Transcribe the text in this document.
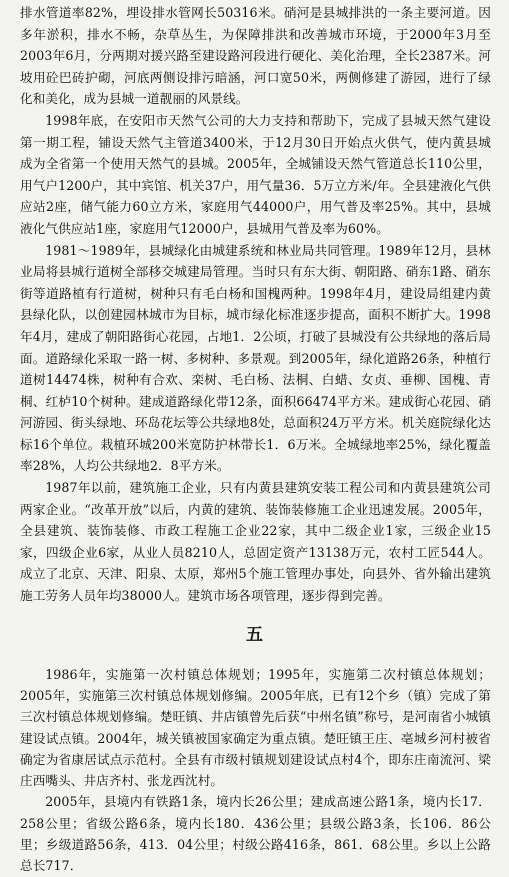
排水管道率82%，埋设排水管网长50316米。硝河是县城排洪的一条主要河道。因多年淤积，排水不畅，杂草丛生，为保障排洪和改善城市环境，于2000年3月至2003年6月，分两期对援兴路至建设路河段进行硬化、美化治理，全长2387米。河坡用砼巴砖护砌，河底两侧设排污暗涵，河口宽50米，两侧修建了游园，进行了绿化和美化，成为县城一道靓丽的风景线。

1998年底，在安阳市天然气公司的大力支持和帮助下，完成了县城天然气建设第一期工程，铺设天然气主管道3400米，于12月30日开始点火供气，使内黄县城成为全省第一个使用天然气的县城。2005年，全城铺设天然气管道总长110公里，用气户1200户，其中宾馆、机关37户，用气量36．5万立方米/年。全县建液化气供应站2座，储气能力60立方米，家庭用气44000户，用气普及率25%。其中，县城液化气供应站1座，家庭用气12000户，县城用气普及率为60%。

1981～1989年，县城绿化由城建系统和林业局共同管理。1989年12月，县林业局将县城行道树全部移交城建局管理。当时只有东大街、朝阳路、硝东1路、硝东街等道路植有行道树，树种只有毛白杨和国槐两种。1998年4月，建设局组建内黄县绿化队，以创建园林城市为目标，城市绿化标准逐步提高，面积不断扩大。1998年4月，建成了朝阳路街心花园，占地1．2公顷，打破了县城没有公共绿地的落后局面。道路绿化采取一路一树、多树种、多景观。到2005年，绿化道路26条，种植行道树14474株，树种有合欢、栾树、毛白杨、法桐、白蜡、女贞、垂柳、国槐、青桐、红栌10个树种。建成道路绿化带12条，面积66474平方米。建成街心花园、硝河游园、街头绿地、环岛花坛等公共绿地8处，总面积24万平方米。机关庭院绿化达标16个单位。栽植环城200米宽防护林带长1．6万米。全城绿地率25%，绿化覆盖率28%，人均公共绿地2．8平方米。

1987年以前，建筑施工企业，只有内黄县建筑安装工程公司和内黄县建筑公司两家企业。“改革开放”以后，内黄的建筑、装饰装修施工企业迅速发展。2005年，全县建筑、装饰装修、市政工程施工企业22家，其中二级企业1家，三级企业15家，四级企业6家，从业人员8210人，总固定资产13138万元，农村工匠544人。成立了北京、天津、阳泉、太原，郑州5个施工管理办事处，向县外、省外输出建筑施工劳务人员年均38000人。建筑市场各项管理，逐步得到完善。

五

1986年，实施第一次村镇总体规划；1995年，实施第二次村镇总体规划；2005年，实施第三次村镇总体规划修编。2005年底，已有12个乡（镇）完成了第三次村镇总体规划修编。楚旺镇、井店镇曾先后获“中州名镇”称号，是河南省小城镇建设试点镇。2004年，城关镇被国家确定为重点镇。楚旺镇王庄、亳城乡河村被省确定为省康居试点示范村。全县有市级村镇规划建设试点村4个，即东庄南流河、梁庄西嘴头、井店齐村、张龙西沈村。

2005年，县境内有铁路1条，境内长26公里；建成高速公路1条，境内长17．258公里；省级公路6条，境内长180．436公里；县级公路3条，长106．86公里；乡级道路56条，413．04公里；村级公路416条，861．68公里。乡以上公路总长717．
